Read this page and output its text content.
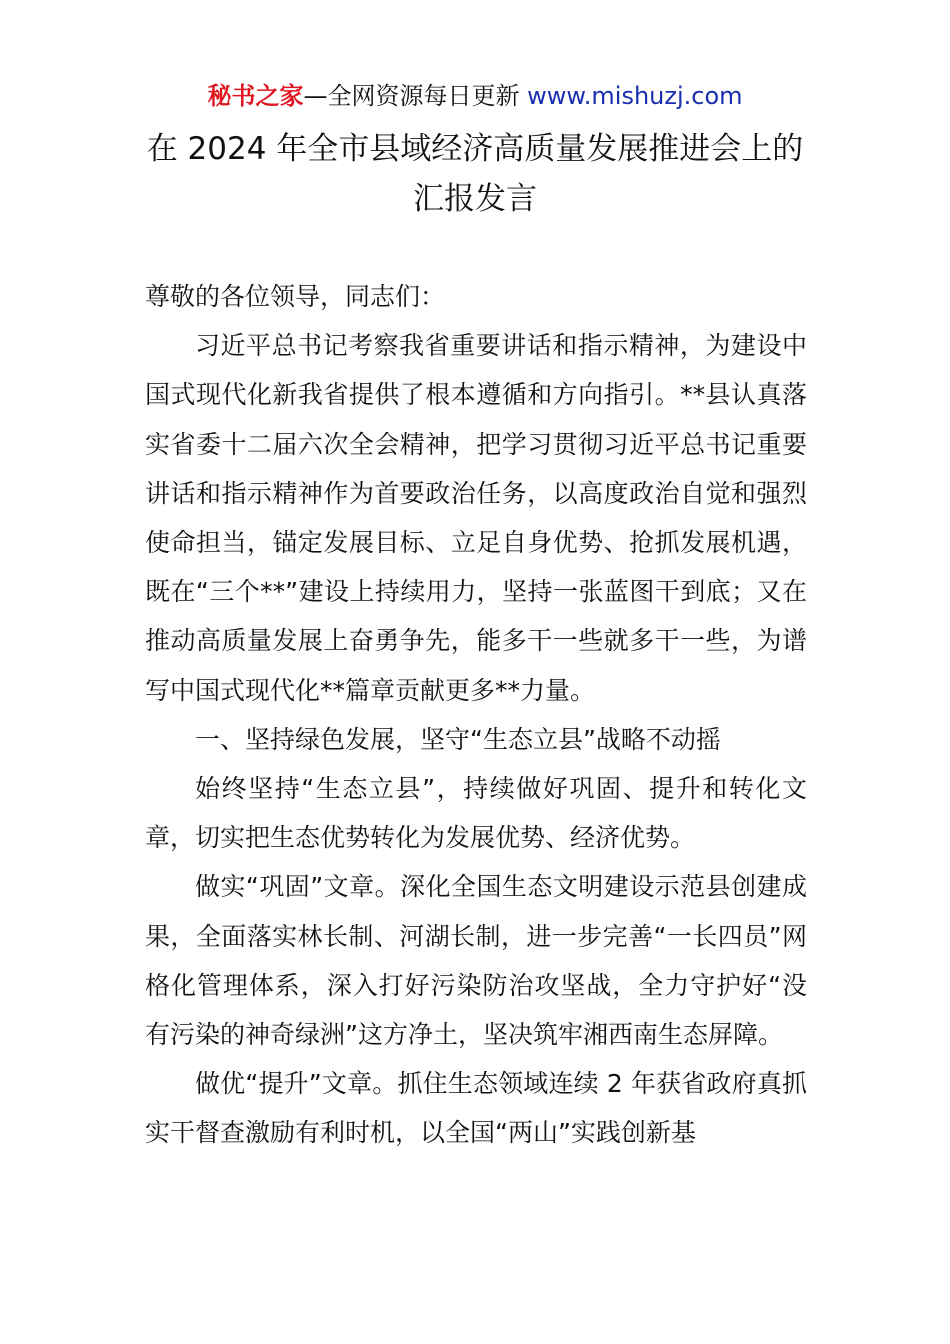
秘书之家—全网资源每日更新 www.mishuzj.com
在 2024 年全市县域经济高质量发展推进会上的
汇报发言

尊敬的各位领导，同志们：

习近平总书记考察我省重要讲话和指示精神，为建设中国式现代化新我省提供了根本遵循和方向指引。**县认真落实省委十二届六次全会精神，把学习贯彻习近平总书记重要讲话和指示精神作为首要政治任务，以高度政治自觉和强烈使命担当，锚定发展目标、立足自身优势、抢抓发展机遇，既在“三个**”建设上持续用力，坚持一张蓝图干到底；又在推动高质量发展上奋勇争先，能多干一些就多干一些，为谱写中国式现代化**篇章贡献更多**力量。

一、坚持绿色发展，坚守“生态立县”战略不动摇

始终坚持“生态立县”，持续做好巩固、提升和转化文章，切实把生态优势转化为发展优势、经济优势。

做实“巩固”文章。深化全国生态文明建设示范县创建成果，全面落实林长制、河湖长制，进一步完善“一长四员”网格化管理体系，深入打好污染防治攻坚战，全力守护好“没有污染的神奇绿洲”这方净土，坚决筑牢湘西南生态屏障。

做优“提升”文章。抓住生态领域连续 2 年获省政府真抓实干督查激励有利时机，以全国“两山”实践创新基
